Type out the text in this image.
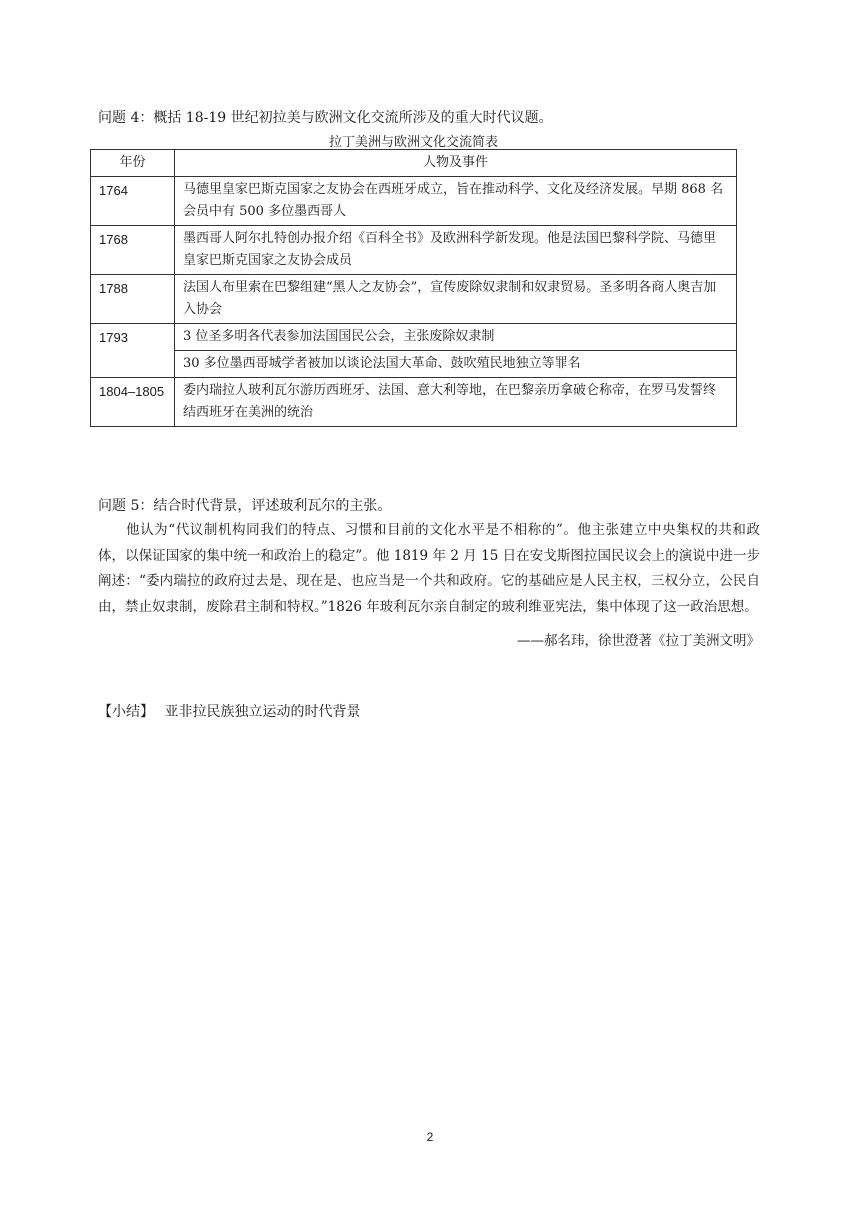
问题 4：概括 18-19 世纪初拉美与欧洲文化交流所涉及的重大时代议题。
拉丁美洲与欧洲文化交流简表
年份	人物及事件
1764	马德里皇家巴斯克国家之友协会在西班牙成立，旨在推动科学、文化及经济发展。早期 868 名会员中有 500 多位墨西哥人
1768	墨西哥人阿尔扎特创办报介绍《百科全书》及欧洲科学新发现。他是法国巴黎科学院、马德里皇家巴斯克国家之友协会成员
1788	法国人布里索在巴黎组建“黑人之友协会”，宣传废除奴隶制和奴隶贸易。圣多明各商人奥吉加入协会
1793	3 位圣多明各代表参加法国国民公会，主张废除奴隶制
	30 多位墨西哥城学者被加以谈论法国大革命、鼓吹殖民地独立等罪名
1804–1805	委内瑞拉人玻利瓦尔游历西班牙、法国、意大利等地，在巴黎亲历拿破仑称帝，在罗马发誓终结西班牙在美洲的统治
问题 5：结合时代背景，评述玻利瓦尔的主张。
他认为“代议制机构同我们的特点、习惯和目前的文化水平是不相称的”。他主张建立中央集权的共和政体，以保证国家的集中统一和政治上的稳定”。他 1819 年 2 月 15 日在安戈斯图拉国民议会上的演说中进一步阐述：“委内瑞拉的政府过去是、现在是、也应当是一个共和政府。它的基础应是人民主权，三权分立，公民自由，禁止奴隶制，废除君主制和特权。”1826 年玻利瓦尔亲自制定的玻利维亚宪法，集中体现了这一政治思想。
——郝名玮，徐世澄著《拉丁美洲文明》
【小结】 亚非拉民族独立运动的时代背景
2
